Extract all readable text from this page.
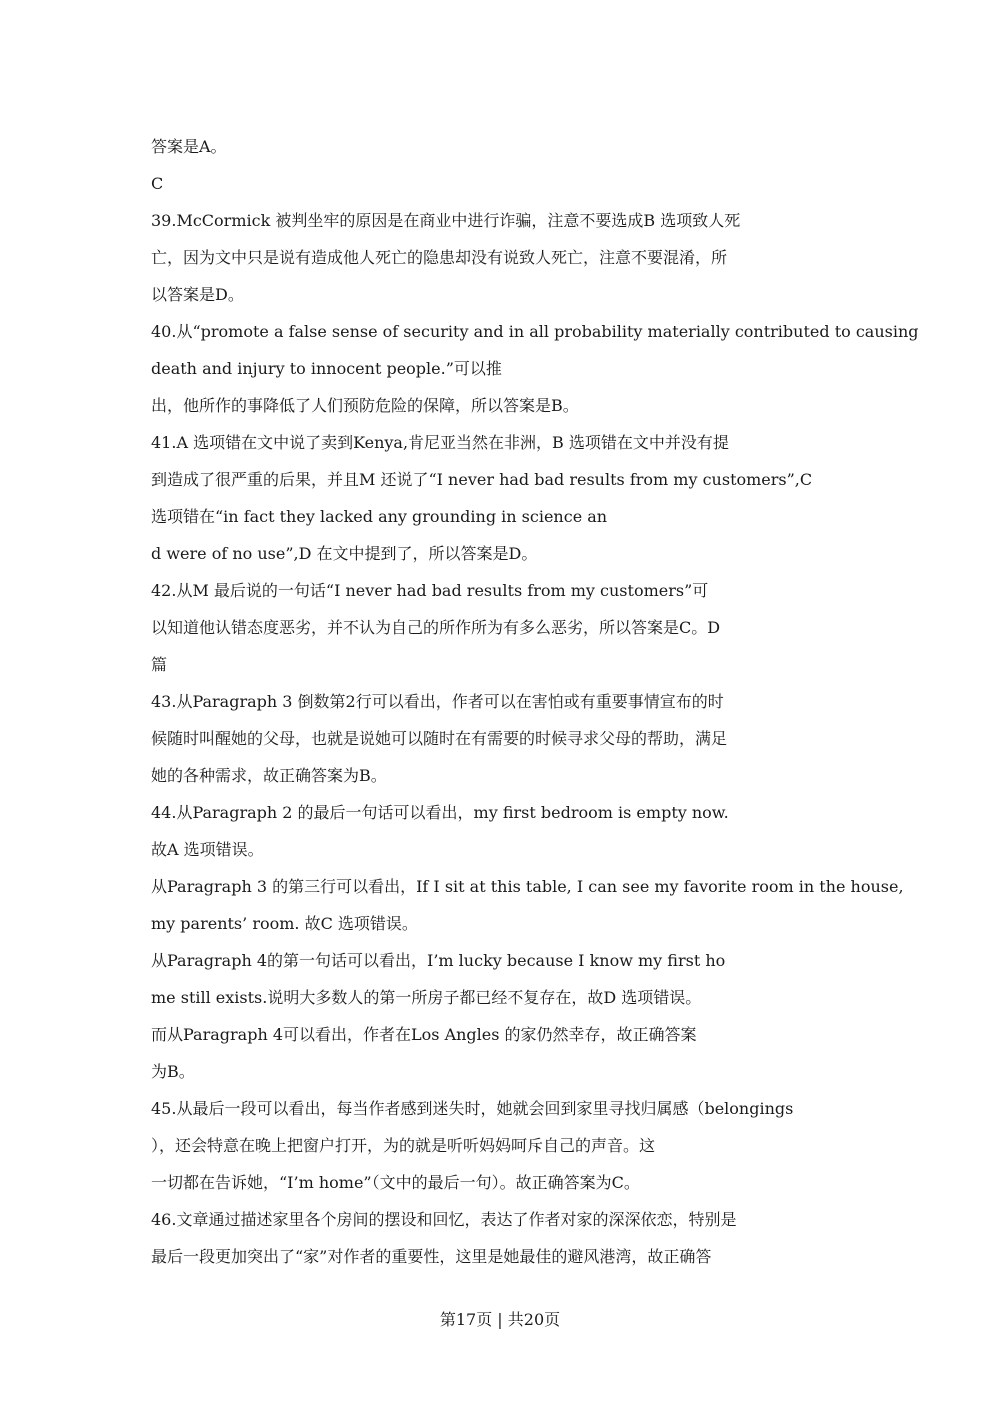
答案是A。
C
39.McCormick 被判坐牢的原因是在商业中进行诈骗，注意不要选成B 选项致人死
亡，因为文中只是说有造成他人死亡的隐患却没有说致人死亡，注意不要混淆，所
以答案是D。
40.从“promote a false sense of security and in all probability materially contributed to causing
death and injury to innocent people.”可以推
出，他所作的事降低了人们预防危险的保障，所以答案是B。
41.A 选项错在文中说了卖到Kenya,肯尼亚当然在非洲，B 选项错在文中并没有提
到造成了很严重的后果，并且M 还说了“I never had bad results from my customers”,C
选项错在“in fact they lacked any grounding in science an
d were of no use”,D 在文中提到了，所以答案是D。
42.从M 最后说的一句话“I never had bad results from my customers”可
以知道他认错态度恶劣，并不认为自己的所作所为有多么恶劣，所以答案是C。D
篇
43.从Paragraph 3 倒数第2行可以看出，作者可以在害怕或有重要事情宣布的时
候随时叫醒她的父母，也就是说她可以随时在有需要的时候寻求父母的帮助，满足
她的各种需求，故正确答案为B。
44.从Paragraph 2 的最后一句话可以看出，my first bedroom is empty now.
故A 选项错误。
从Paragraph 3 的第三行可以看出，If I sit at this table, I can see my favorite room in the house,
my parents’ room. 故C 选项错误。
从Paragraph 4的第一句话可以看出，I’m lucky because I know my first ho
me still exists.说明大多数人的第一所房子都已经不复存在，故D 选项错误。
而从Paragraph 4可以看出，作者在Los Angles 的家仍然幸存，故正确答案
为B。
45.从最后一段可以看出，每当作者感到迷失时，她就会回到家里寻找归属感（belongings
），还会特意在晚上把窗户打开，为的就是听听妈妈呵斥自己的声音。这
一切都在告诉她，“I’m home”（文中的最后一句）。故正确答案为C。
46.文章通过描述家里各个房间的摆设和回忆，表达了作者对家的深深依恋，特别是
最后一段更加突出了“家”对作者的重要性，这里是她最佳的避风港湾，故正确答
第17页 | 共20页
